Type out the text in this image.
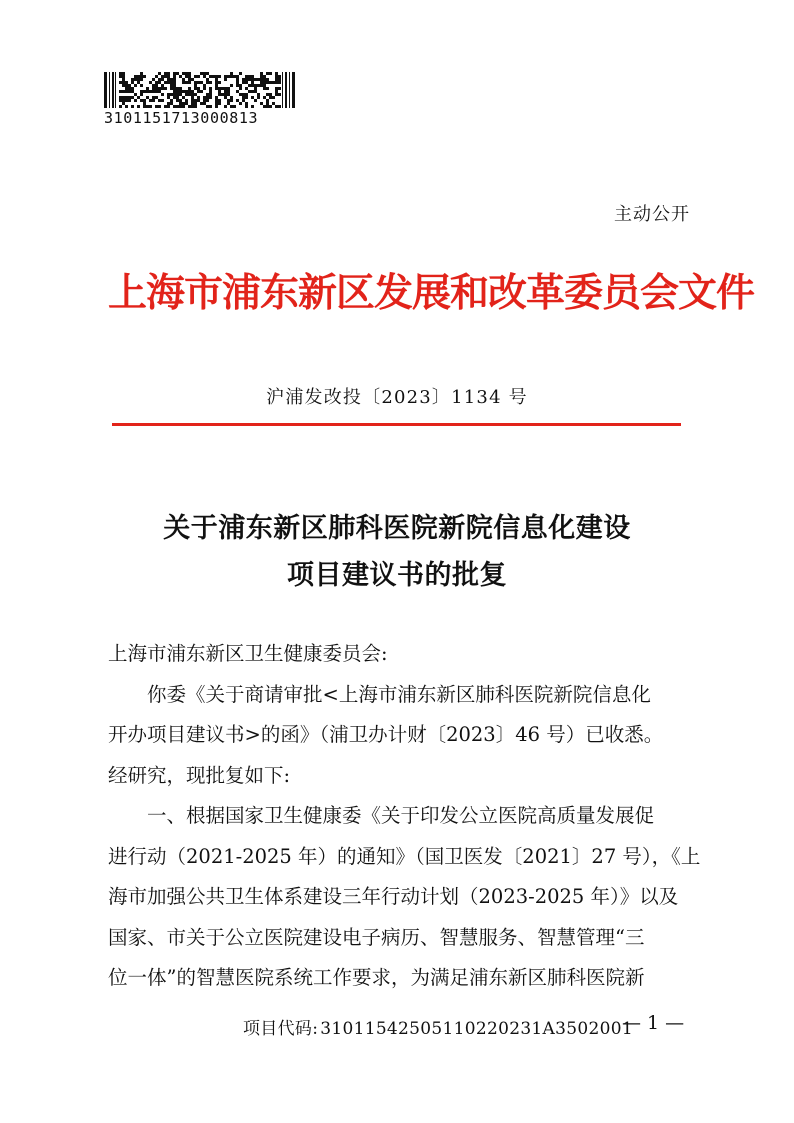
3101151713000813
主动公开
上海市浦东新区发展和改革委员会文件
沪浦发改投〔2023〕1134 号
关于浦东新区肺科医院新院信息化建设
项目建议书的批复
上海市浦东新区卫生健康委员会:
你委《关于商请审批<上海市浦东新区肺科医院新院信息化
开办项目建议书>的函》（浦卫办计财〔2023〕46 号）已收悉。
经研究，现批复如下:
一、根据国家卫生健康委《关于印发公立医院高质量发展促
进行动（2021-2025 年）的通知》（国卫医发〔2021〕27 号），《上
海市加强公共卫生体系建设三年行动计划（2023-2025 年）》以及
国家、市关于公立医院建设电子病历、智慧服务、智慧管理“三
位一体”的智慧医院系统工作要求，为满足浦东新区肺科医院新
项目代码: 31011542505110220231A3502001
— 1 —
